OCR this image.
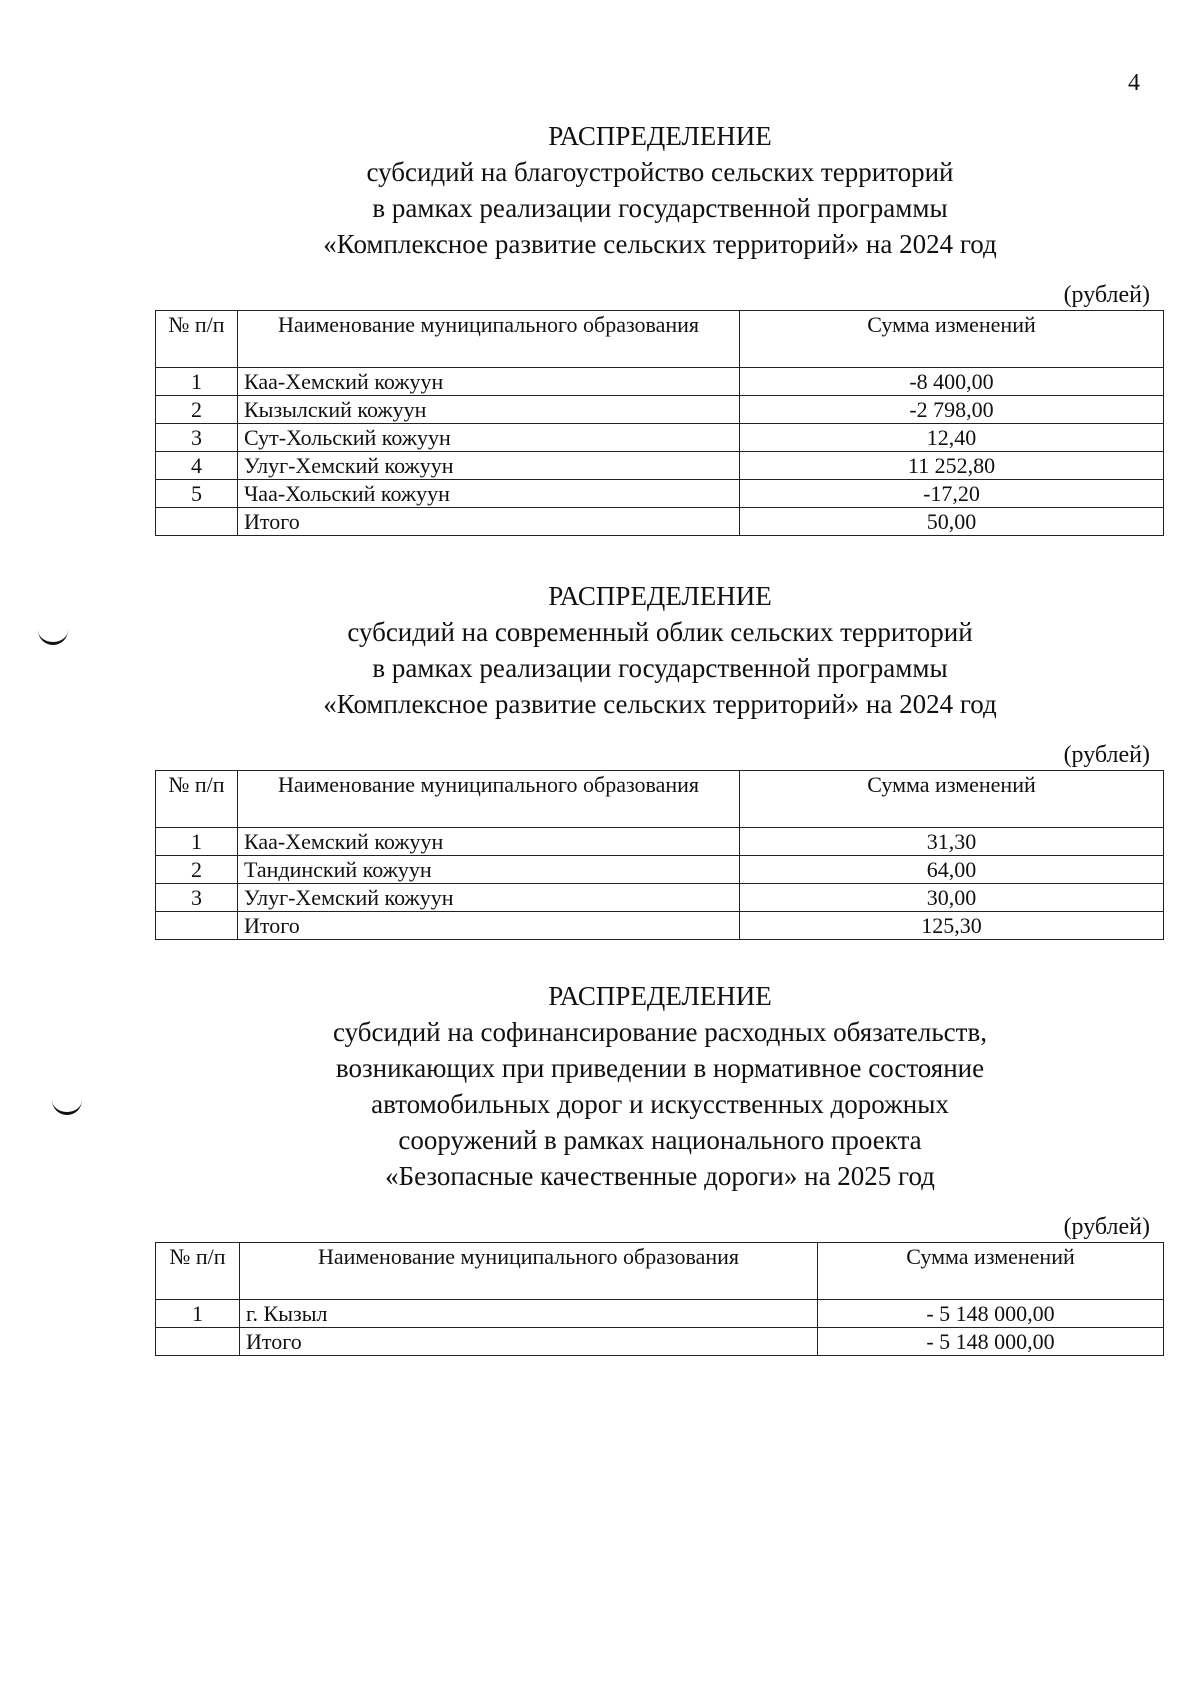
4
РАСПРЕДЕЛЕНИЕ
субсидий на благоустройство сельских территорий
в рамках реализации государственной программы
«Комплексное развитие сельских территорий» на 2024 год
(рублей)
№ п/п	Наименование муниципального образования	Сумма изменений
1	Каа-Хемский кожуун	-8 400,00
2	Кызылский кожуун	-2 798,00
3	Сут-Хольский кожуун	12,40
4	Улуг-Хемский кожуун	11 252,80
5	Чаа-Хольский кожуун	-17,20
	Итого	50,00
РАСПРЕДЕЛЕНИЕ
субсидий на современный облик сельских территорий
в рамках реализации государственной программы
«Комплексное развитие сельских территорий» на 2024 год
(рублей)
№ п/п	Наименование муниципального образования	Сумма изменений
1	Каа-Хемский кожуун	31,30
2	Тандинский кожуун	64,00
3	Улуг-Хемский кожуун	30,00
	Итого	125,30
РАСПРЕДЕЛЕНИЕ
субсидий на софинансирование расходных обязательств,
возникающих при приведении в нормативное состояние
автомобильных дорог и искусственных дорожных
сооружений в рамках национального проекта
«Безопасные качественные дороги» на 2025 год
(рублей)
№ п/п	Наименование муниципального образования	Сумма изменений
1	г. Кызыл	- 5 148 000,00
	Итого	- 5 148 000,00
